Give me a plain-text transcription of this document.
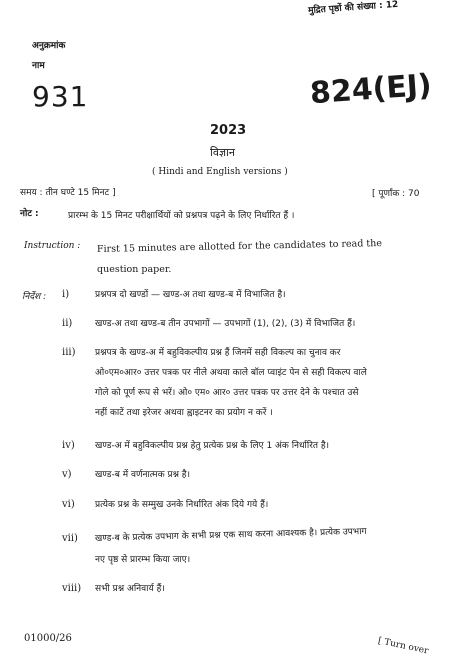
मुद्रित पृष्ठों की संख्या : 12
अनुक्रमांक
नाम
931	824(EJ)
2023
विज्ञान
( Hindi and English versions )
समय : तीन घण्टे 15 मिनट ]	[ पूर्णांक : 70
नोट :	प्रारम्भ के 15 मिनट परीक्षार्थियों को प्रश्नपत्र पढ़ने के लिए निर्धारित हैं ।
Instruction : First 15 minutes are allotted for the candidates to read the
question paper.
निर्देश : i)	प्रश्नपत्र दो खण्डों — खण्ड-अ तथा खण्ड-ब में विभाजित है।
ii)	खण्ड-अ तथा खण्ड-ब तीन उपभागों — उपभागों (1), (2), (3) में विभाजित हैं।
iii)	प्रश्नपत्र के खण्ड-अ में बहुविकल्पीय प्रश्न हैं जिनमें सही विकल्प का चुनाव कर
ओ०एम०आर० उत्तर पत्रक पर नीले अथवा काले बॉल प्वाइंट पेन से सही विकल्प वाले
गोले को पूर्ण रूप से भरें। ओ० एम० आर० उत्तर पत्रक पर उत्तर देने के पश्चात उसे
नहीं काटें तथा इरेजर अथवा ह्वाइटनर का प्रयोग न करें ।
iv)	खण्ड-अ में बहुविकल्पीय प्रश्न हेतु प्रत्येक प्रश्न के लिए 1 अंक निर्धारित है।
v)	खण्ड-ब में वर्णनात्मक प्रश्न है।
vi)	प्रत्येक प्रश्न के सम्मुख उनके निर्धारित अंक दिये गये हैं।
vii)	खण्ड-ब के प्रत्येक उपभाग के सभी प्रश्न एक साथ करना आवश्यक है। प्रत्येक उपभाग
नए पृष्ठ से प्रारम्भ किया जाए।
viii)	सभी प्रश्न अनिवार्य हैं।
01000/26	[ Turn over
